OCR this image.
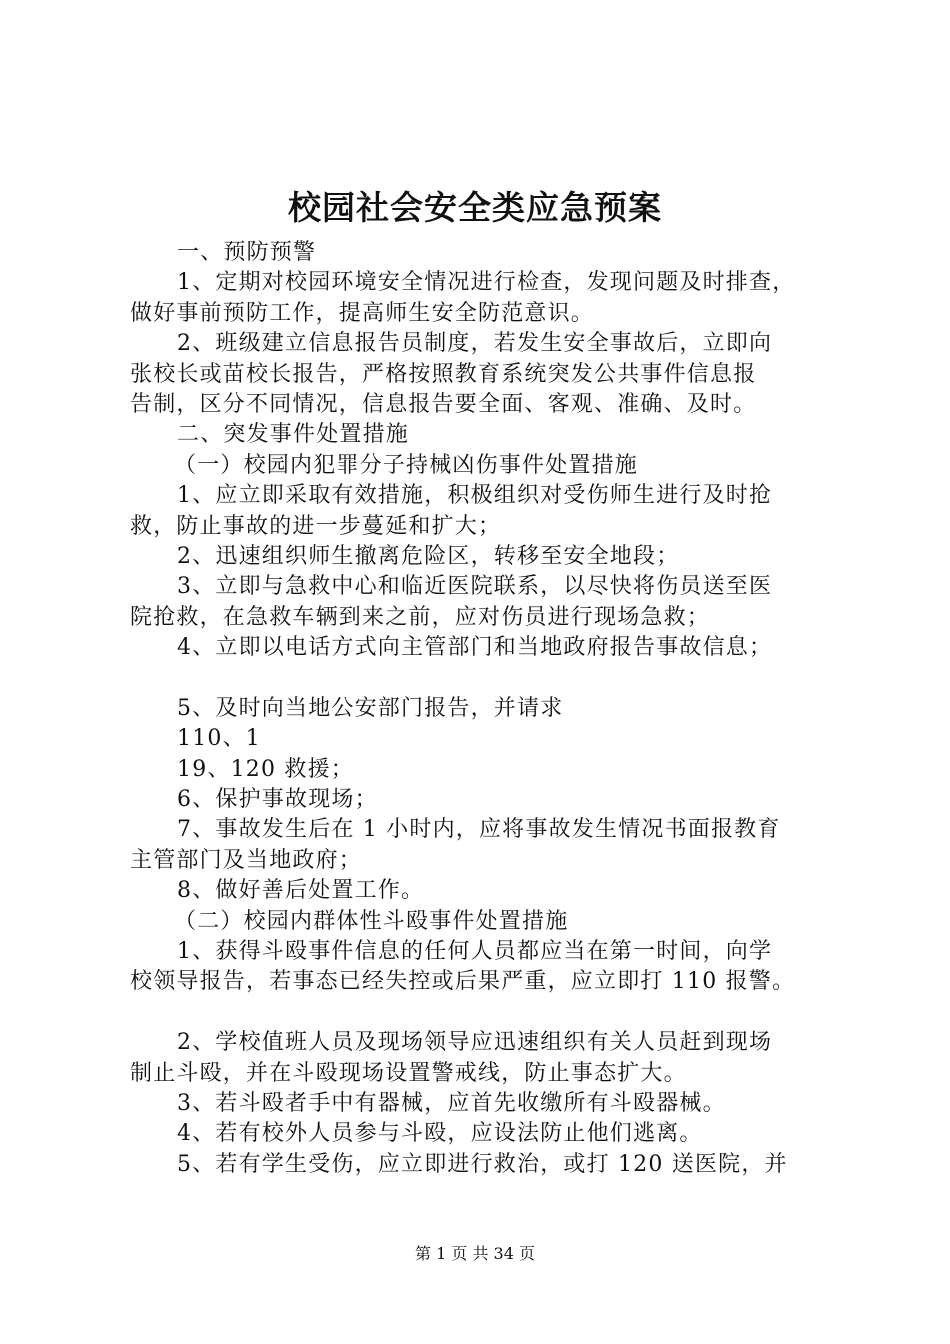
校园社会安全类应急预案
一、预防预警
1、定期对校园环境安全情况进行检查，发现问题及时排查，
做好事前预防工作，提高师生安全防范意识。
2、班级建立信息报告员制度，若发生安全事故后，立即向
张校长或苗校长报告，严格按照教育系统突发公共事件信息报
告制，区分不同情况，信息报告要全面、客观、准确、及时。
二、突发事件处置措施
（一）校园内犯罪分子持械凶伤事件处置措施
1、应立即采取有效措施，积极组织对受伤师生进行及时抢
救，防止事故的进一步蔓延和扩大；
2、迅速组织师生撤离危险区，转移至安全地段；
3、立即与急救中心和临近医院联系，以尽快将伤员送至医
院抢救，在急救车辆到来之前，应对伤员进行现场急救；
4、立即以电话方式向主管部门和当地政府报告事故信息；
5、及时向当地公安部门报告，并请求
110、1
19、120 救援；
6、保护事故现场；
7、事故发生后在 1 小时内，应将事故发生情况书面报教育
主管部门及当地政府；
8、做好善后处置工作。
（二）校园内群体性斗殴事件处置措施
1、获得斗殴事件信息的任何人员都应当在第一时间，向学
校领导报告，若事态已经失控或后果严重，应立即打 110 报警。
2、学校值班人员及现场领导应迅速组织有关人员赶到现场
制止斗殴，并在斗殴现场设置警戒线，防止事态扩大。
3、若斗殴者手中有器械，应首先收缴所有斗殴器械。
4、若有校外人员参与斗殴，应设法防止他们逃离。
5、若有学生受伤，应立即进行救治，或打 120 送医院，并
第 1 页 共 34 页
